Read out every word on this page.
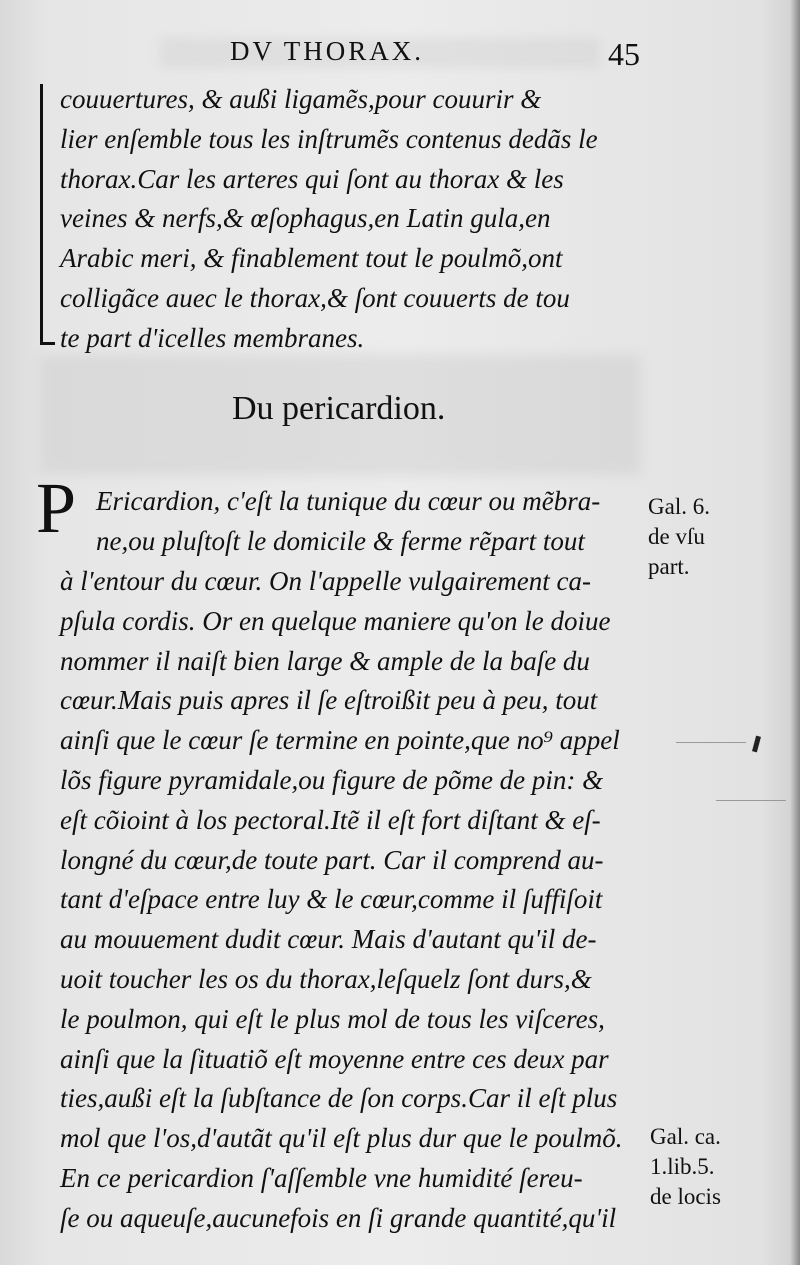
DV THORAX.	45
couuertures, & außi ligamẽs,pour couurir &
lier enſemble tous les inſtrumẽs contenus dedãs le
thorax.Car les arteres qui ſont au thorax & les
veines & nerfs,& œſophagus,en Latin gula,en
Arabic meri, & finablement tout le poulmõ,ont
colligãce auec le thorax,& ſont couuerts de tou
te part d'icelles membranes.
Du pericardion.
P Ericardion, c'eſt la tunique du cœur ou mẽbra-
ne,ou pluſtoſt le domicile & ferme rẽpart tout
à l'entour du cœur. On l'appelle vulgairement ca-
pſula cordis. Or en quelque maniere qu'on le doiue
nommer il naiſt bien large & ample de la baſe du
cœur.Mais puis apres il ſe eſtroißit peu à peu, tout
ainſi que le cœur ſe termine en pointe,que no⁹ appel
lõs figure pyramidale,ou figure de põme de pin: &
eſt cõioint à los pectoral.Itẽ il eſt fort diſtant & eſ-
longné du cœur,de toute part. Car il comprend au-
tant d'eſpace entre luy & le cœur,comme il ſuffiſoit
au mouuement dudit cœur. Mais d'autant qu'il de-
uoit toucher les os du thorax,leſquelz ſont durs,&
le poulmon, qui eſt le plus mol de tous les viſceres,
ainſi que la ſituatiõ eſt moyenne entre ces deux par
ties,außi eſt la ſubſtance de ſon corps.Car il eſt plus
mol que l'os,d'autãt qu'il eſt plus dur que le poulmõ.
En ce pericardion ſ'aſſemble vne humidité ſereu-
ſe ou aqueuſe,aucunefois en ſi grande quantité,qu'il
Gal. 6.
de vſu
part.
Gal. ca.
1.lib.5.
de locis
